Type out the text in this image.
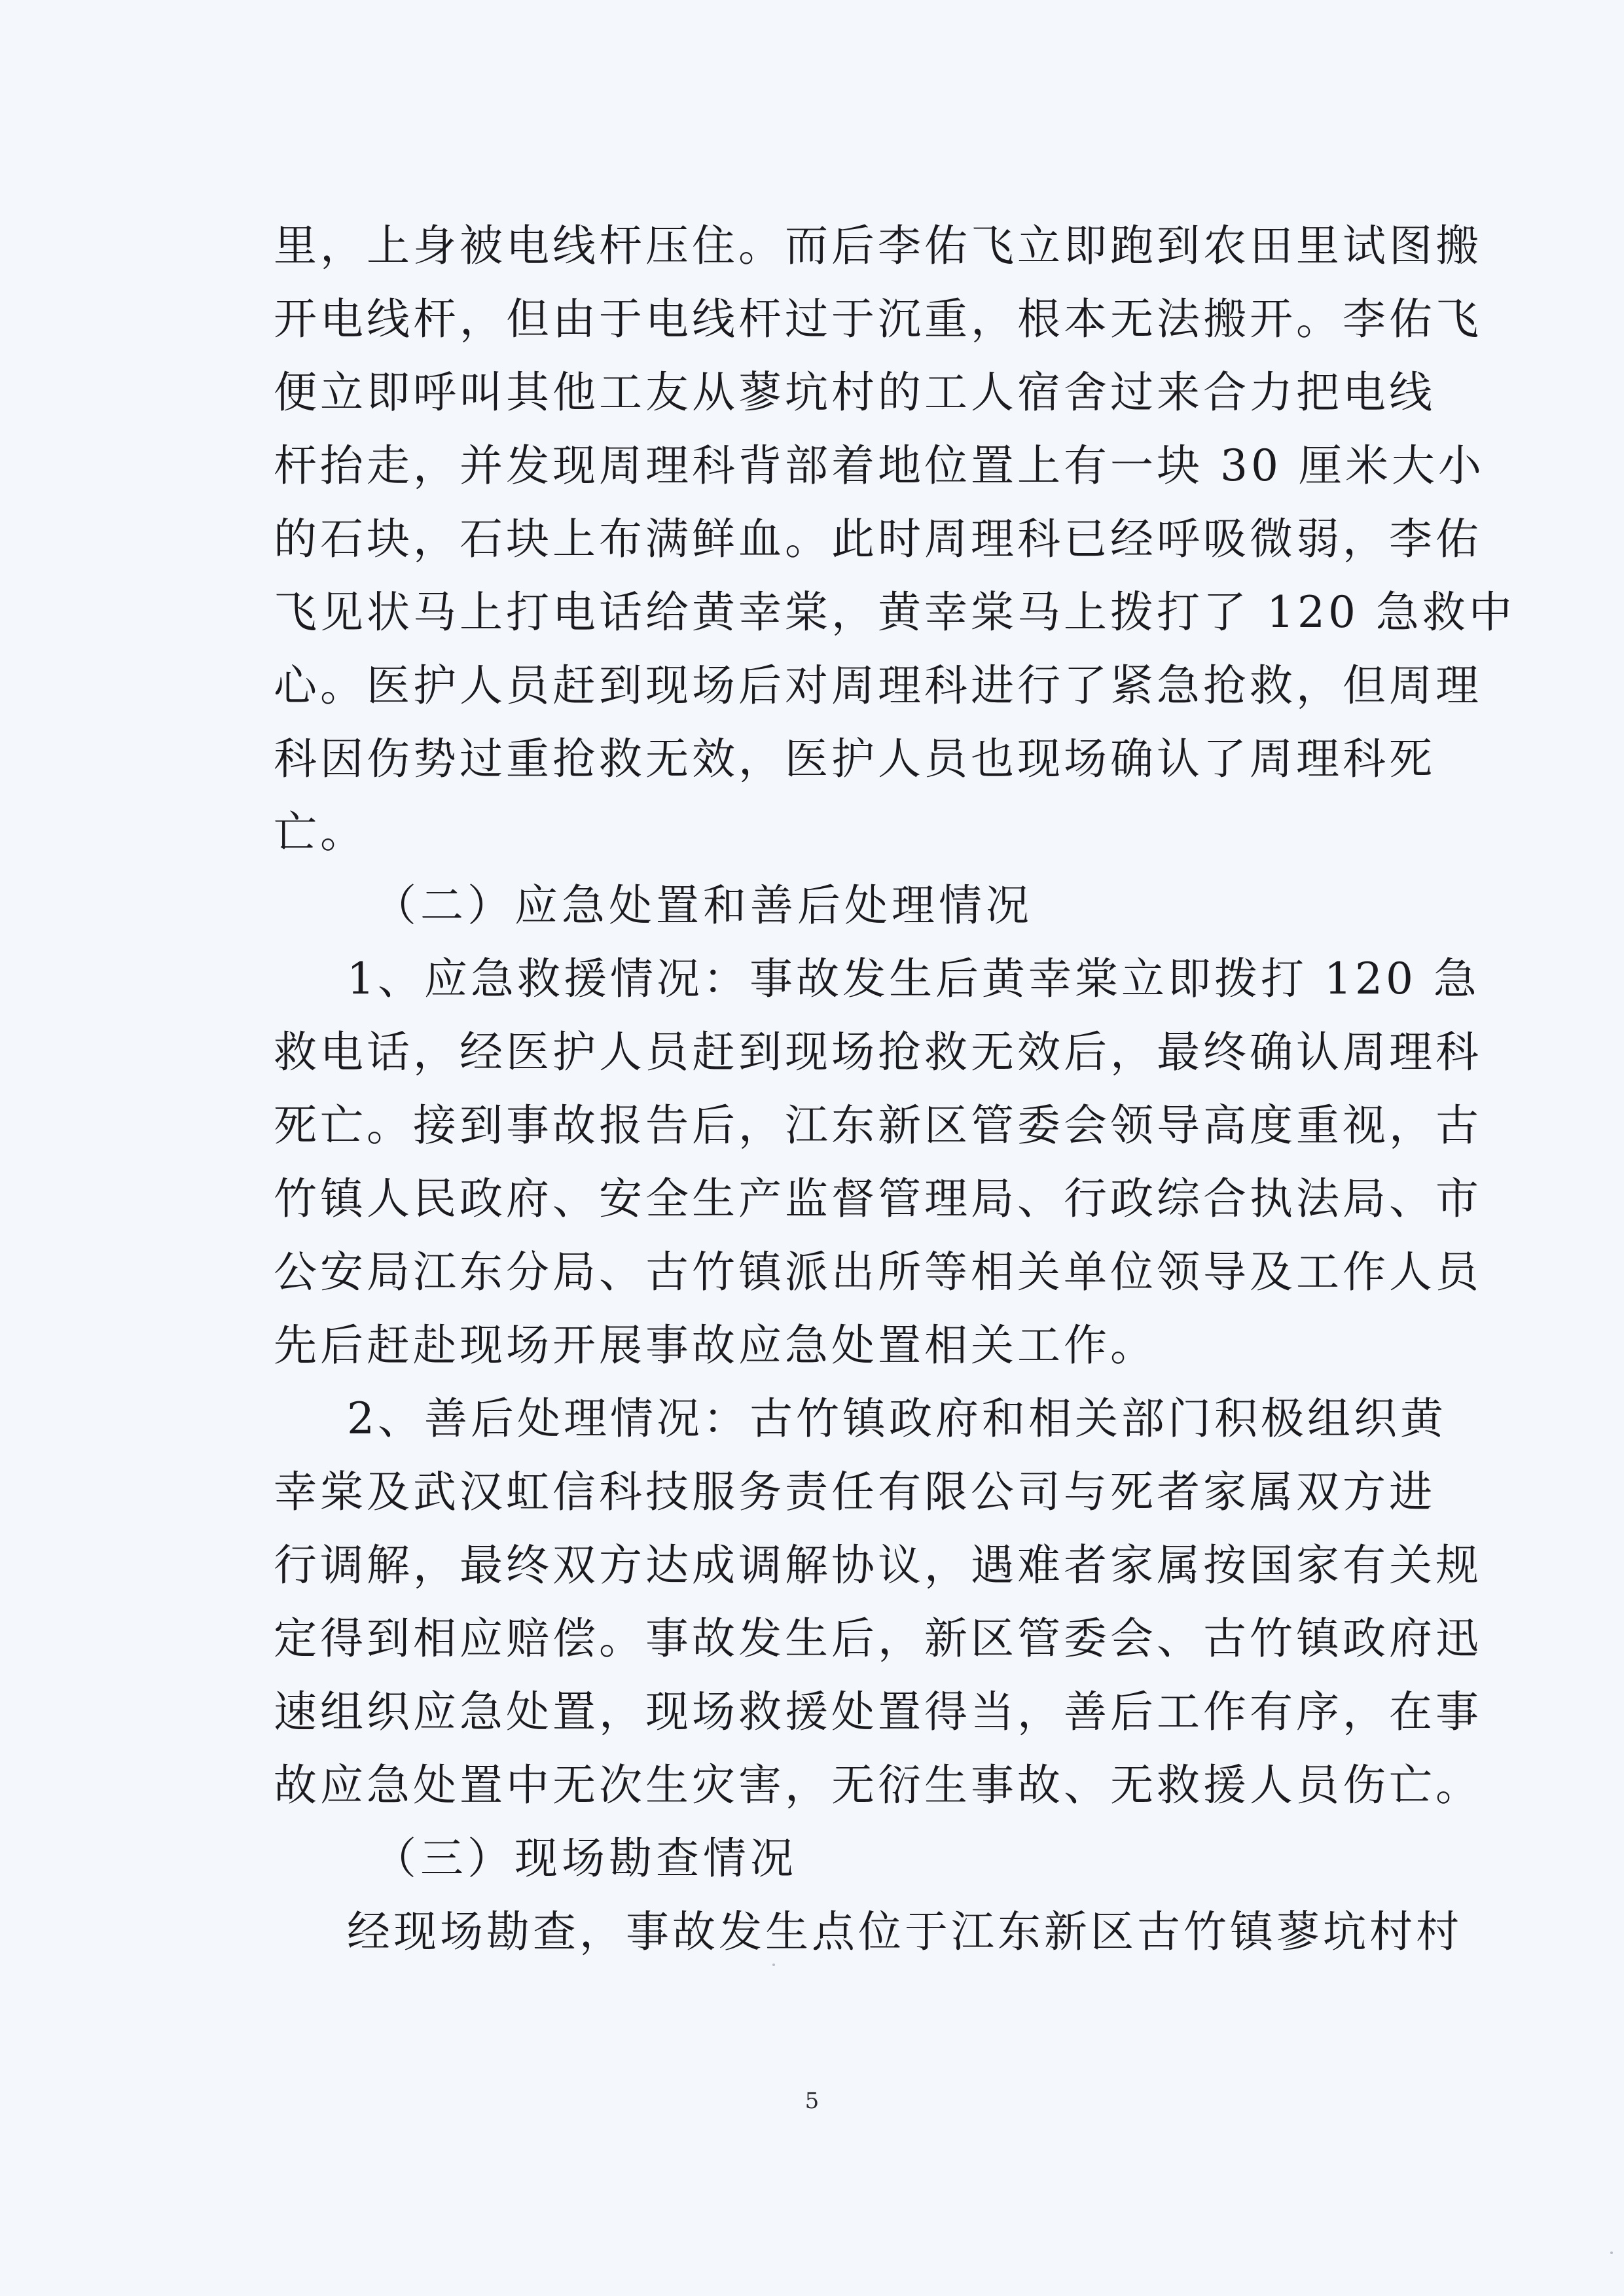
里，上身被电线杆压住。而后李佑飞立即跑到农田里试图搬
开电线杆，但由于电线杆过于沉重，根本无法搬开。李佑飞
便立即呼叫其他工友从蓼坑村的工人宿舍过来合力把电线
杆抬走，并发现周理科背部着地位置上有一块 30 厘米大小
的石块，石块上布满鲜血。此时周理科已经呼吸微弱，李佑
飞见状马上打电话给黄幸棠，黄幸棠马上拨打了 120 急救中
心。医护人员赶到现场后对周理科进行了紧急抢救，但周理
科因伤势过重抢救无效，医护人员也现场确认了周理科死
亡。
（二）应急处置和善后处理情况
1、应急救援情况：事故发生后黄幸棠立即拨打 120 急
救电话，经医护人员赶到现场抢救无效后，最终确认周理科
死亡。接到事故报告后，江东新区管委会领导高度重视，古
竹镇人民政府、安全生产监督管理局、行政综合执法局、市
公安局江东分局、古竹镇派出所等相关单位领导及工作人员
先后赶赴现场开展事故应急处置相关工作。
2、善后处理情况：古竹镇政府和相关部门积极组织黄
幸棠及武汉虹信科技服务责任有限公司与死者家属双方进
行调解，最终双方达成调解协议，遇难者家属按国家有关规
定得到相应赔偿。事故发生后，新区管委会、古竹镇政府迅
速组织应急处置，现场救援处置得当，善后工作有序，在事
故应急处置中无次生灾害，无衍生事故、无救援人员伤亡。
（三）现场勘查情况
经现场勘查，事故发生点位于江东新区古竹镇蓼坑村村
5
